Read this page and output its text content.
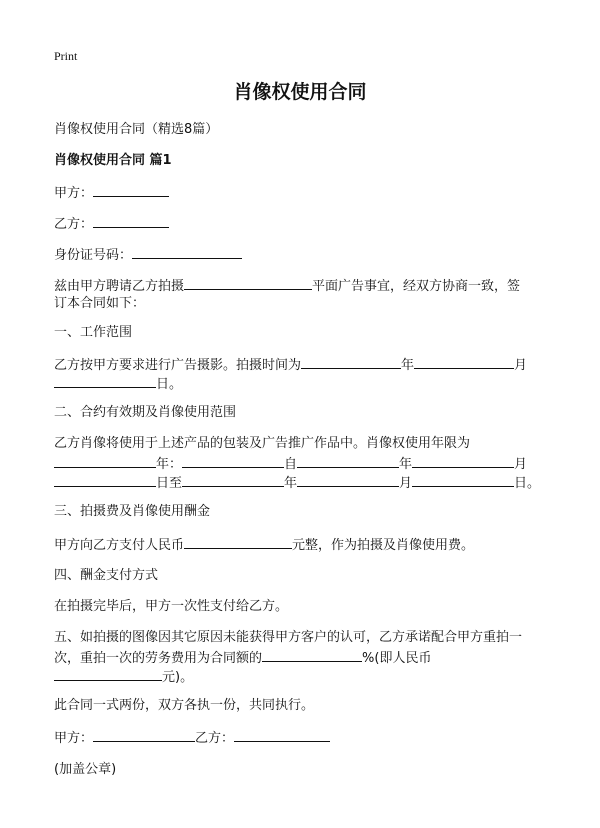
Print
肖像权使用合同
肖像权使用合同（精选8篇）
肖像权使用合同 篇1
甲方：
乙方：
身份证号码：
兹由甲方聘请乙方拍摄	平面广告事宜，经双方协商一致，签
订本合同如下：
一、工作范围
乙方按甲方要求进行广告摄影。拍摄时间为	年	月
日。
二、合约有效期及肖像使用范围
乙方肖像将使用于上述产品的包装及广告推广作品中。肖像权使用年限为
年：	自	年	月
日至	年	月	日。
三、拍摄费及肖像使用酬金
甲方向乙方支付人民币	元整，作为拍摄及肖像使用费。
四、酬金支付方式
在拍摄完毕后，甲方一次性支付给乙方。
五、如拍摄的图像因其它原因未能获得甲方客户的认可，乙方承诺配合甲方重拍一
次，重拍一次的劳务费用为合同额的	%(即人民币
元)。
此合同一式两份，双方各执一份，共同执行。
甲方：	乙方：
(加盖公章)
